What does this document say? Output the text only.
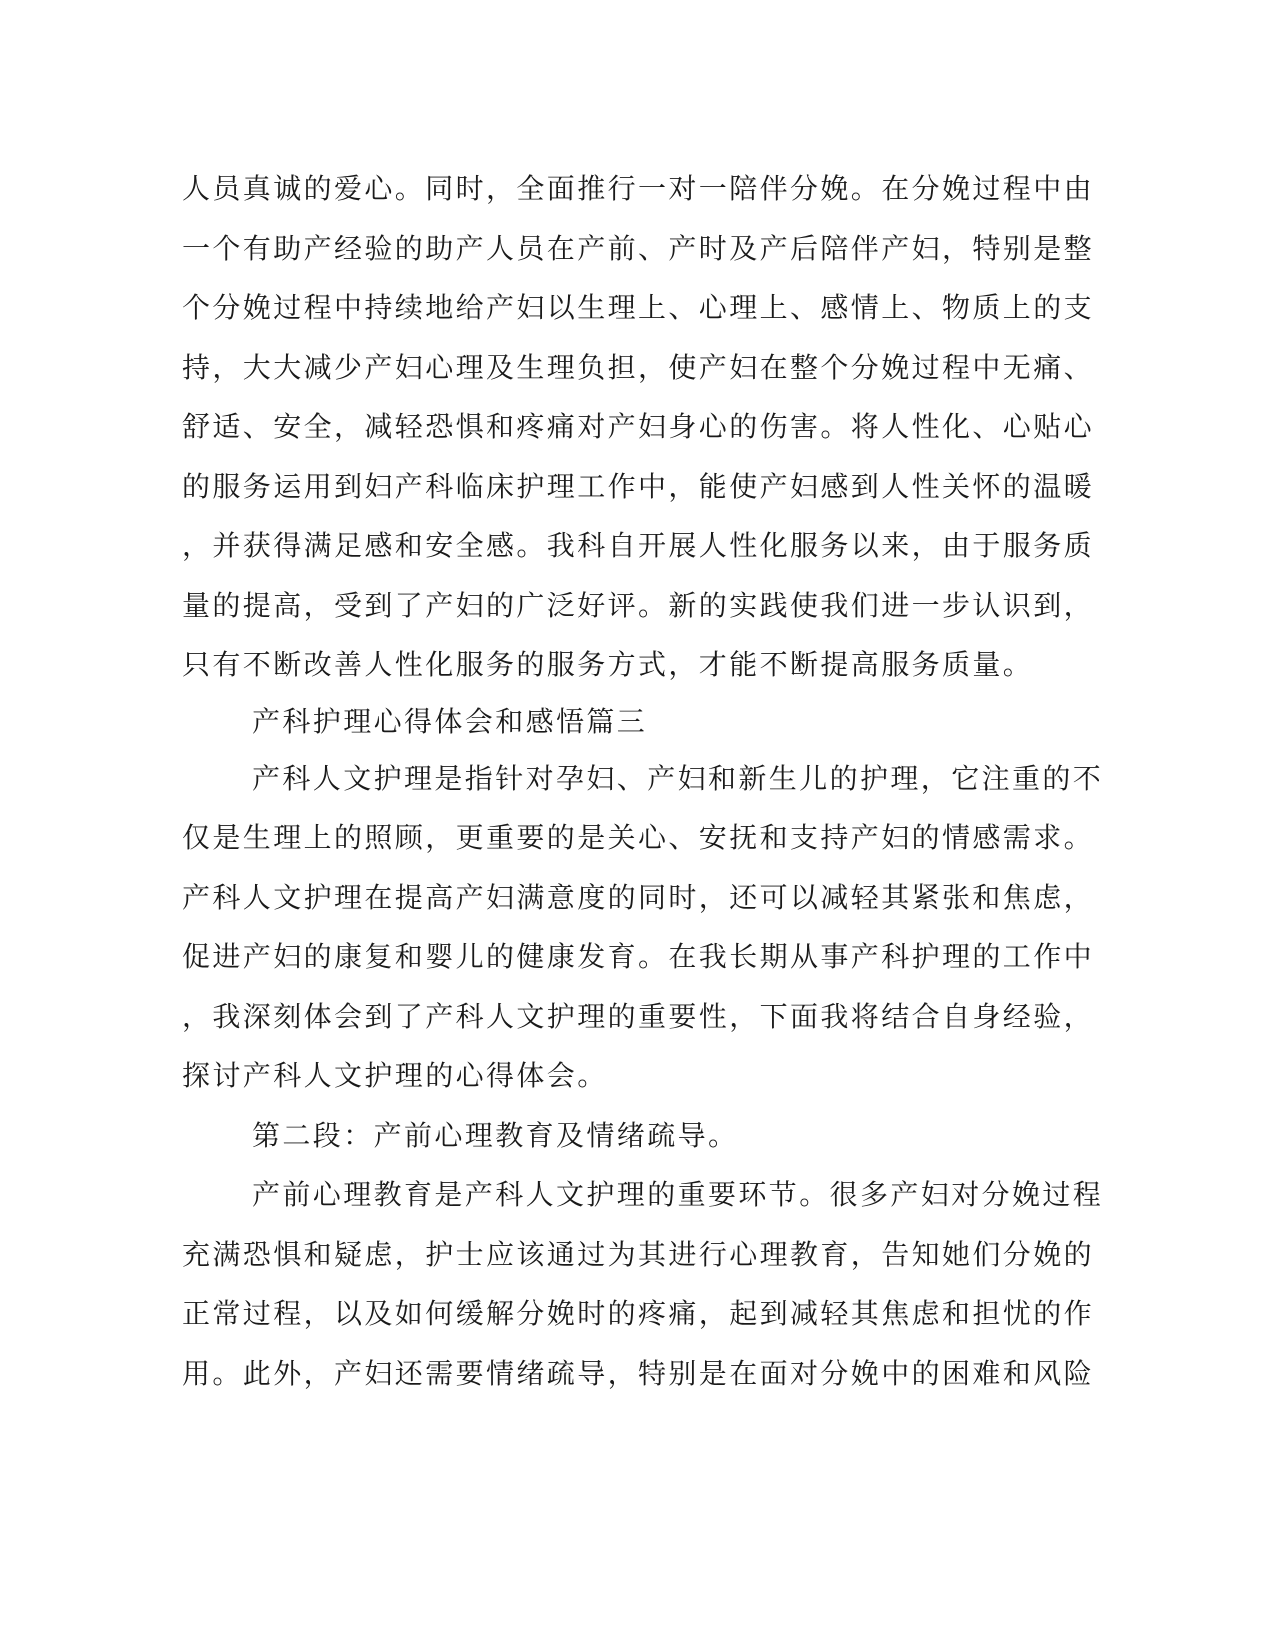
人员真诚的爱心。同时，全面推行一对一陪伴分娩。在分娩过程中由
一个有助产经验的助产人员在产前、产时及产后陪伴产妇，特别是整
个分娩过程中持续地给产妇以生理上、心理上、感情上、物质上的支
持，大大减少产妇心理及生理负担，使产妇在整个分娩过程中无痛、
舒适、安全，减轻恐惧和疼痛对产妇身心的伤害。将人性化、心贴心
的服务运用到妇产科临床护理工作中，能使产妇感到人性关怀的温暖
，并获得满足感和安全感。我科自开展人性化服务以来，由于服务质
量的提高，受到了产妇的广泛好评。新的实践使我们进一步认识到，
只有不断改善人性化服务的服务方式，才能不断提高服务质量。
产科护理心得体会和感悟篇三
产科人文护理是指针对孕妇、产妇和新生儿的护理，它注重的不
仅是生理上的照顾，更重要的是关心、安抚和支持产妇的情感需求。
产科人文护理在提高产妇满意度的同时，还可以减轻其紧张和焦虑，
促进产妇的康复和婴儿的健康发育。在我长期从事产科护理的工作中
，我深刻体会到了产科人文护理的重要性，下面我将结合自身经验，
探讨产科人文护理的心得体会。
第二段：产前心理教育及情绪疏导。
产前心理教育是产科人文护理的重要环节。很多产妇对分娩过程
充满恐惧和疑虑，护士应该通过为其进行心理教育，告知她们分娩的
正常过程，以及如何缓解分娩时的疼痛，起到减轻其焦虑和担忧的作
用。此外，产妇还需要情绪疏导，特别是在面对分娩中的困难和风险
